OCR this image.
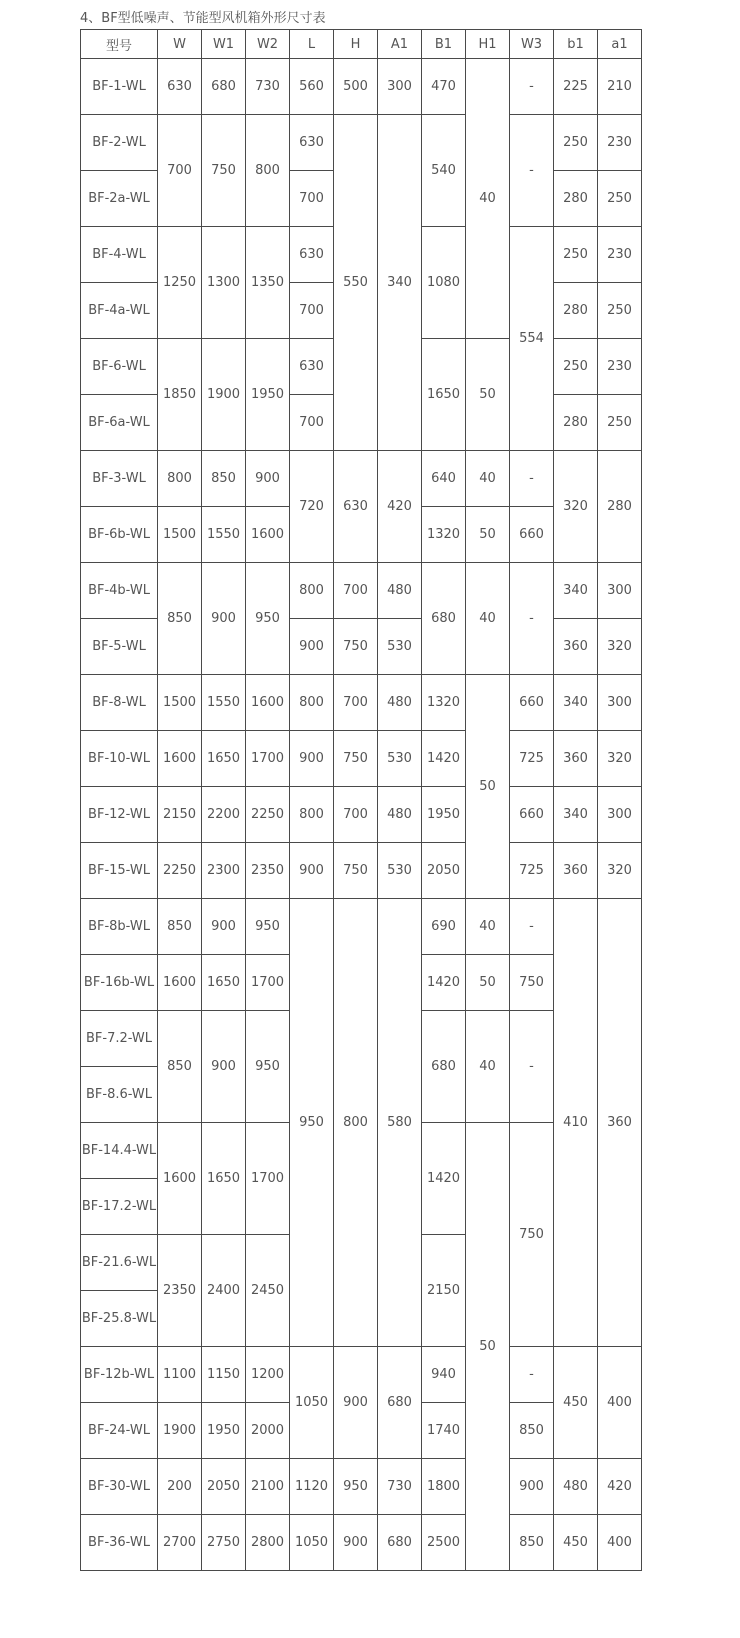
4、BF型低噪声、节能型风机箱外形尺寸表
型号	W	W1	W2	L	H	A1	B1	H1	W3	b1	a1
BF-1-WL	630	680	730	560	500	300	470	40	-	225	210
BF-2-WL	700	750	800	630	550	340	540		-	250	230
BF-2a-WL				700						280	250
BF-4-WL	1250	1300	1350	630			1080		554	250	230
BF-4a-WL				700						280	250
BF-6-WL	1850	1900	1950	630			1650	50		250	230
BF-6a-WL				700						280	250
BF-3-WL	800	850	900	720	630	420	640	40	-	320	280
BF-6b-WL	1500	1550	1600				1320	50	660		
BF-4b-WL	850	900	950	800	700	480	680	40	-	340	300
BF-5-WL				900	750	530				360	320
BF-8-WL	1500	1550	1600	800	700	480	1320	50	660	340	300
BF-10-WL	1600	1650	1700	900	750	530	1420		725	360	320
BF-12-WL	2150	2200	2250	800	700	480	1950		660	340	300
BF-15-WL	2250	2300	2350	900	750	530	2050		725	360	320
BF-8b-WL	850	900	950	950	800	580	690	40	-	410	360
BF-16b-WL	1600	1650	1700				1420	50	750		
BF-7.2-WL	850	900	950				680	40	-		
BF-8.6-WL											
BF-14.4-WL	1600	1650	1700				1420	50	750		
BF-17.2-WL											
BF-21.6-WL	2350	2400	2450				2150				
BF-25.8-WL											
BF-12b-WL	1100	1150	1200	1050	900	680	940		-	450	400
BF-24-WL	1900	1950	2000				1740		850		
BF-30-WL	200	2050	2100	1120	950	730	1800		900	480	420
BF-36-WL	2700	2750	2800	1050	900	680	2500		850	450	400
